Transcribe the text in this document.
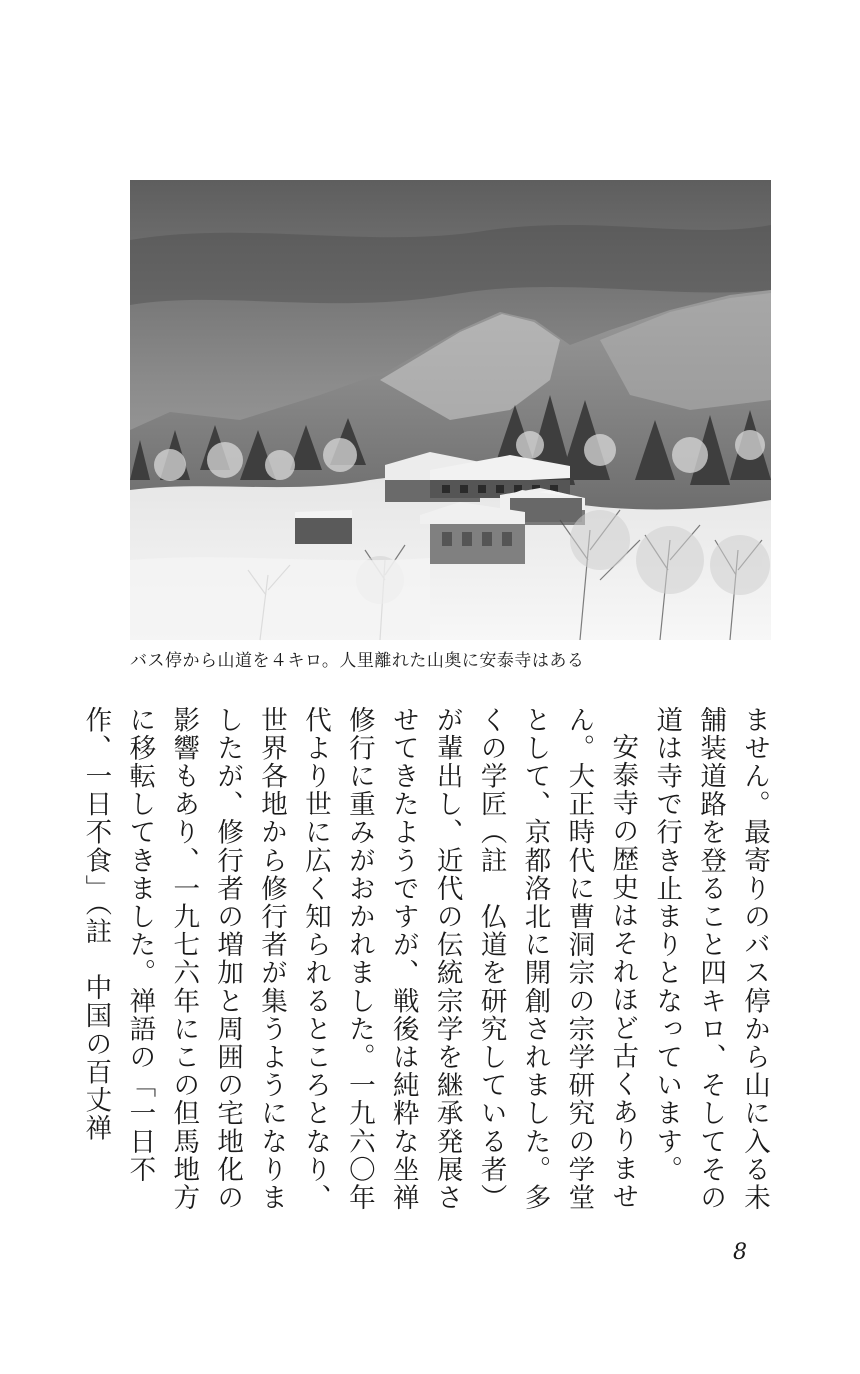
バス停から山道を４キロ。人里離れた山奥に安泰寺はある

ません。最寄りのバス停から山に入る未舗装道路を登ること四キロ、そしてその道は寺で行き止まりとなっています。

安泰寺の歴史はそれほど古くありません。大正時代に曹洞宗の宗学研究の学堂として、京都洛北に開創されました。多くの学匠（註　仏道を研究している者）が輩出し、近代の伝統宗学を継承発展させてきたようですが、戦後は純粋な坐禅修行に重みがおかれました。一九六〇年代より世に広く知られるところとなり、世界各地から修行者が集うようになりましたが、修行者の増加と周囲の宅地化の影響もあり、一九七六年にこの但馬地方に移転してきました。禅語の「一日不作、一日不食」（註　中国の百丈禅

8
